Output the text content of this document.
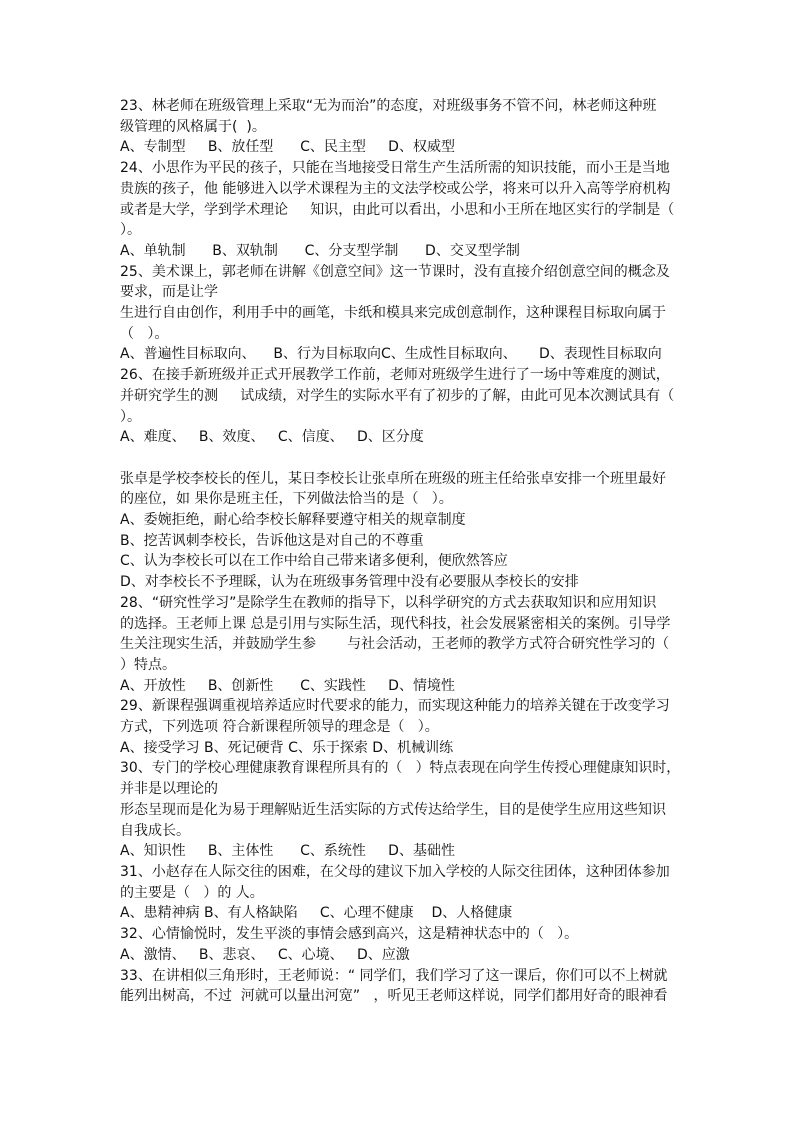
23、林老师在班级管理上采取“无为而治”的态度，对班级事务不管不问，林老师这种班
级管理的风格属于(  )。
A、专制型     B、放任型      C、民主型     D、权威型
24、小思作为平民的孩子，只能在当地接受日常生产生活所需的知识技能，而小王是当地
贵族的孩子，他 能够进入以学术课程为主的文法学校或公学，将来可以升入高等学府机构
或者是大学，学到学术理论     知识，由此可以看出，小思和小王所在地区实行的学制是（
）。
A、单轨制      B、双轨制      C、分支型学制      D、交叉型学制
25、美术课上，郭老师在讲解《创意空间》这一节课时，没有直接介绍创意空间的概念及
要求，而是让学
生进行自由创作，利用手中的画笔，卡纸和模具来完成创意制作，这种课程目标取向属于
（   ）。
A、普遍性目标取向、    B、行为目标取向C、生成性目标取向、     D、表现性目标取向
26、在接手新班级并正式开展教学工作前，老师对班级学生进行了一场中等难度的测试，
并研究学生的测     试成绩，对学生的实际水平有了初步的了解，由此可见本次测试具有（
）。
A、难度、   B、效度、   C、信度、   D、区分度
张卓是学校李校长的侄儿，某日李校长让张卓所在班级的班主任给张卓安排一个班里最好
的座位，如 果你是班主任，下列做法恰当的是（   ）。
A、委婉拒绝，耐心给李校长解释要遵守相关的规章制度
B、挖苦讽刺李校长，告诉他这是对自己的不尊重
C、认为李校长可以在工作中给自己带来诸多便利，便欣然答应
D、对李校长不予理睬，认为在班级事务管理中没有必要服从李校长的安排
28、“研究性学习”是除学生在教师的指导下，以科学研究的方式去获取知识和应用知识
的选择。王老师上课 总是引用与实际生活，现代科技，社会发展紧密相关的案例。引导学
生关注现实生活，并鼓励学生参       与社会活动，王老师的教学方式符合研究性学习的（
）特点。
A、开放性     B、创新性      C、实践性     D、情境性
29、新课程强调重视培养适应时代要求的能力，而实现这种能力的培养关键在于改变学习
方式，下列选项 符合新课程所领导的理念是（   ）。
A、接受学习 B、死记硬背 C、乐于探索 D、机械训练
30、专门的学校心理健康教育课程所具有的（   ）特点表现在向学生传授心理健康知识时，
并非是以理论的
形态呈现而是化为易于理解贴近生活实际的方式传达给学生，目的是使学生应用这些知识
自我成长。
A、知识性     B、主体性      C、系统性     D、基础性
31、小赵存在人际交往的困难，在父母的建议下加入学校的人际交往团体，这种团体参加
的主要是（   ）的 人。
A、患精神病 B、有人格缺陷     C、心理不健康    D、人格健康
32、心情愉悦时，发生平淡的事情会感到高兴，这是精神状态中的（   ）。
A、激情、   B、悲哀、   C、心境、   D、应激
33、在讲相似三角形时，王老师说：“ 同学们，我们学习了这一课后，你们可以不上树就
能列出树高，不过  河就可以量出河宽”   ，听见王老师这样说，同学们都用好奇的眼神看
